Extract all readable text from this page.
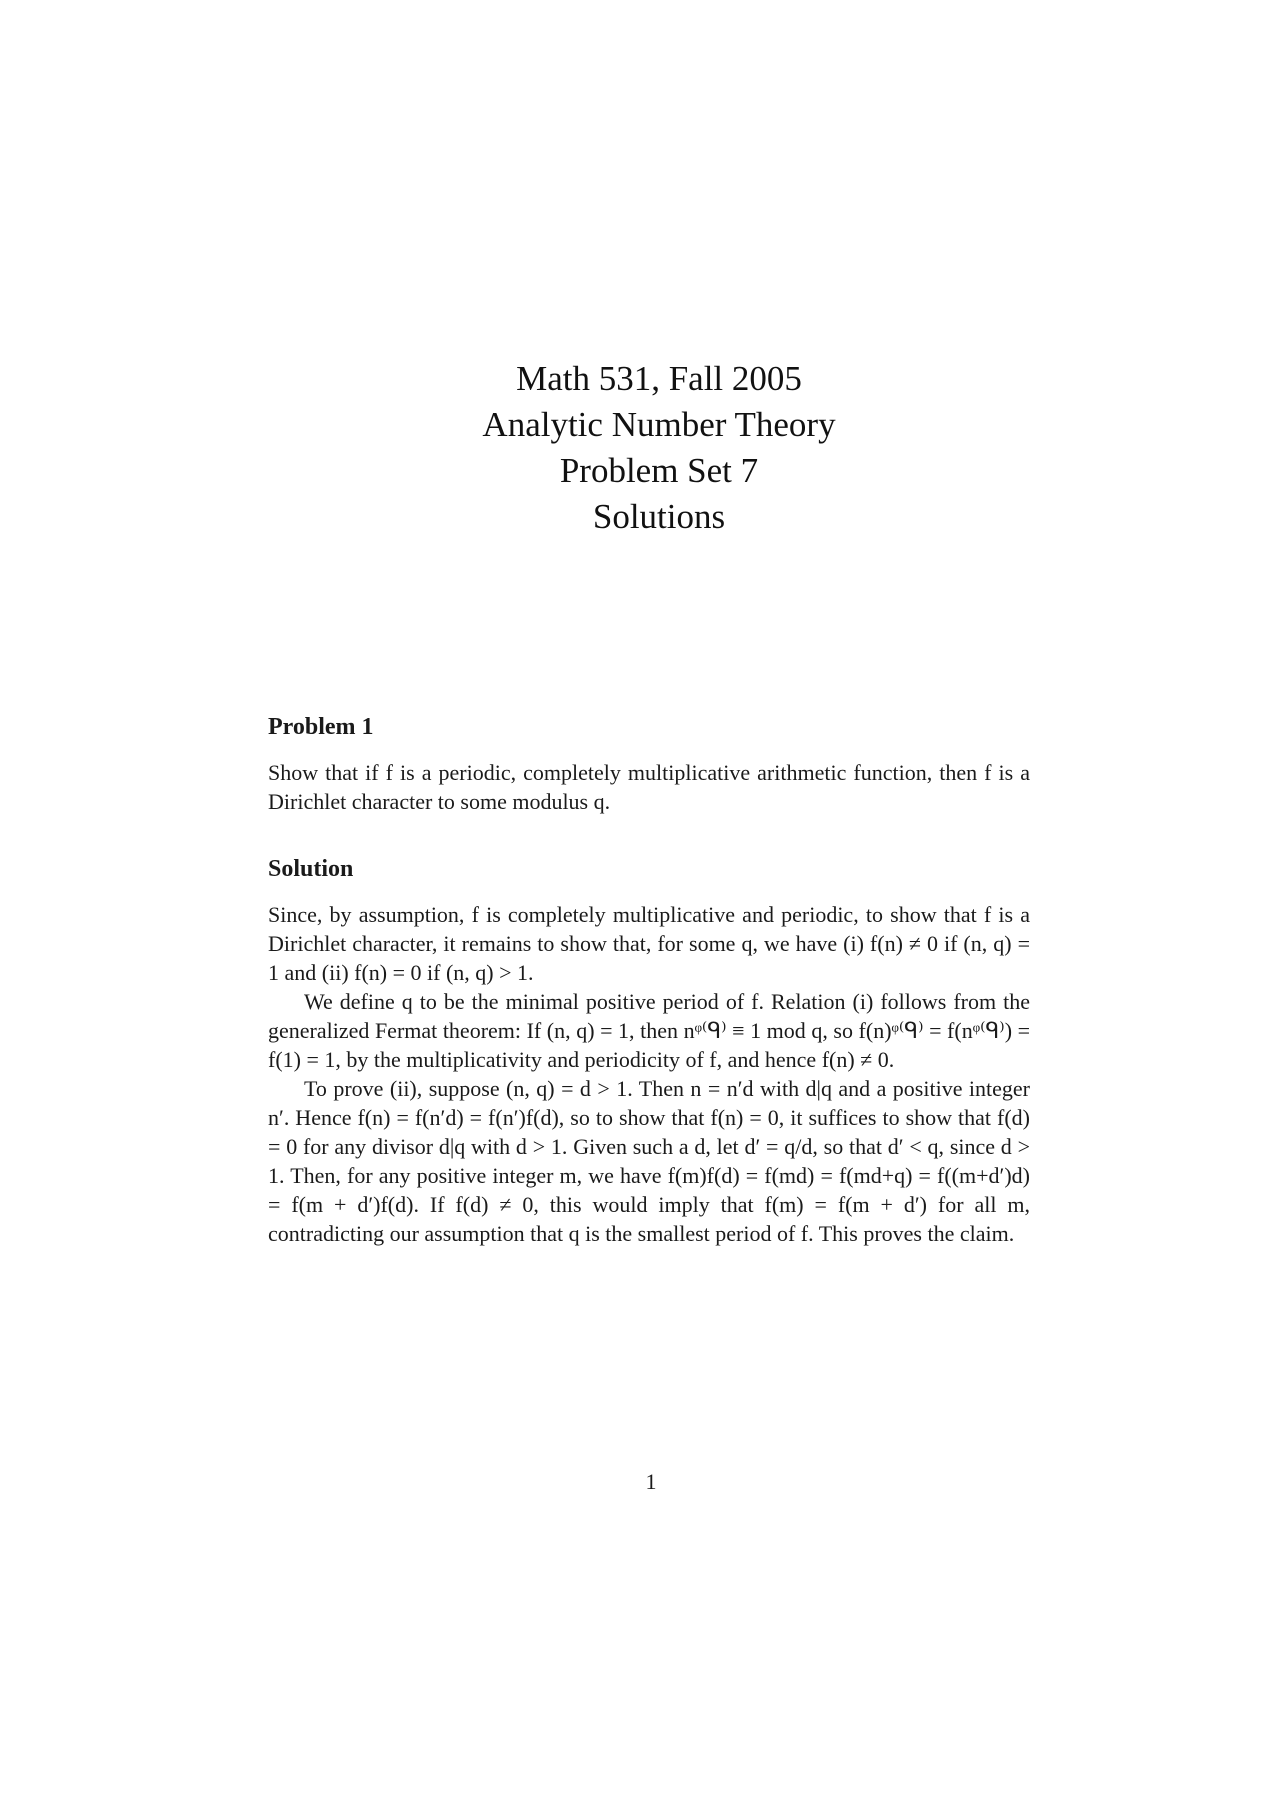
Math 531, Fall 2005
Analytic Number Theory
Problem Set 7
Solutions
Problem 1

Show that if f is a periodic, completely multiplicative arithmetic function, then f is a Dirichlet character to some modulus q.

Solution

Since, by assumption, f is completely multiplicative and periodic, to show that f is a Dirichlet character, it remains to show that, for some q, we have (i) f(n) ≠ 0 if (n, q) = 1 and (ii) f(n) = 0 if (n, q) > 1.

We define q to be the minimal positive period of f. Relation (i) follows from the generalized Fermat theorem: If (n, q) = 1, then nᵠ⁽ᑫ⁾ ≡ 1 mod q, so f(n)ᵠ⁽ᑫ⁾ = f(nᵠ⁽ᑫ⁾) = f(1) = 1, by the multiplicativity and periodicity of f, and hence f(n) ≠ 0.

To prove (ii), suppose (n, q) = d > 1. Then n = n′d with d|q and a positive integer n′. Hence f(n) = f(n′d) = f(n′)f(d), so to show that f(n) = 0, it suffices to show that f(d) = 0 for any divisor d|q with d > 1. Given such a d, let d′ = q/d, so that d′ < q, since d > 1. Then, for any positive integer m, we have f(m)f(d) = f(md) = f(md+q) = f((m+d′)d) = f(m + d′)f(d). If f(d) ≠ 0, this would imply that f(m) = f(m + d′) for all m, contradicting our assumption that q is the smallest period of f. This proves the claim.

1
